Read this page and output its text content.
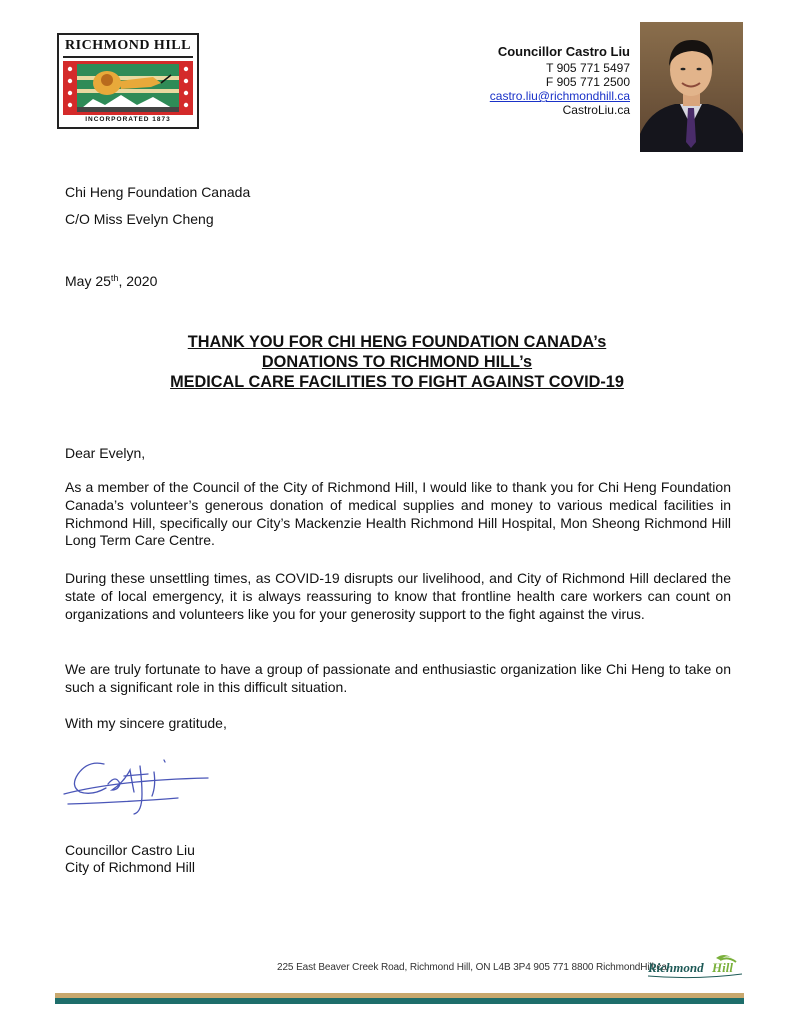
RICHMOND HILL
INCORPORATED 1873
Councillor Castro Liu
T 905 771 5497
F 905 771 2500
castro.liu@richmondhill.ca
CastroLiu.ca
Chi Heng Foundation Canada
C/O Miss Evelyn Cheng
May 25th, 2020
THANK YOU FOR CHI HENG FOUNDATION CANADA’s
DONATIONS TO RICHMOND HILL’s
MEDICAL CARE FACILITIES TO FIGHT AGAINST COVID-19
Dear Evelyn,
As a member of the Council of the City of Richmond Hill, I would like to thank you for Chi Heng Foundation Canada’s volunteer’s generous donation of medical supplies and money to various medical facilities in Richmond Hill, specifically our City’s Mackenzie Health Richmond Hill Hospital, Mon Sheong Richmond Hill Long Term Care Centre.
During these unsettling times, as COVID-19 disrupts our livelihood, and City of Richmond Hill declared the state of local emergency, it is always reassuring to know that frontline health care workers can count on organizations and volunteers like you for your generosity support to the fight against the virus.
We are truly fortunate to have a group of passionate and enthusiastic organization like Chi Heng to take on such a significant role in this difficult situation.
With my sincere gratitude,
Councillor Castro Liu
City of Richmond Hill
225 East Beaver Creek Road, Richmond Hill, ON L4B 3P4 905 771 8800 RichmondHill.ca
Richmond Hill
